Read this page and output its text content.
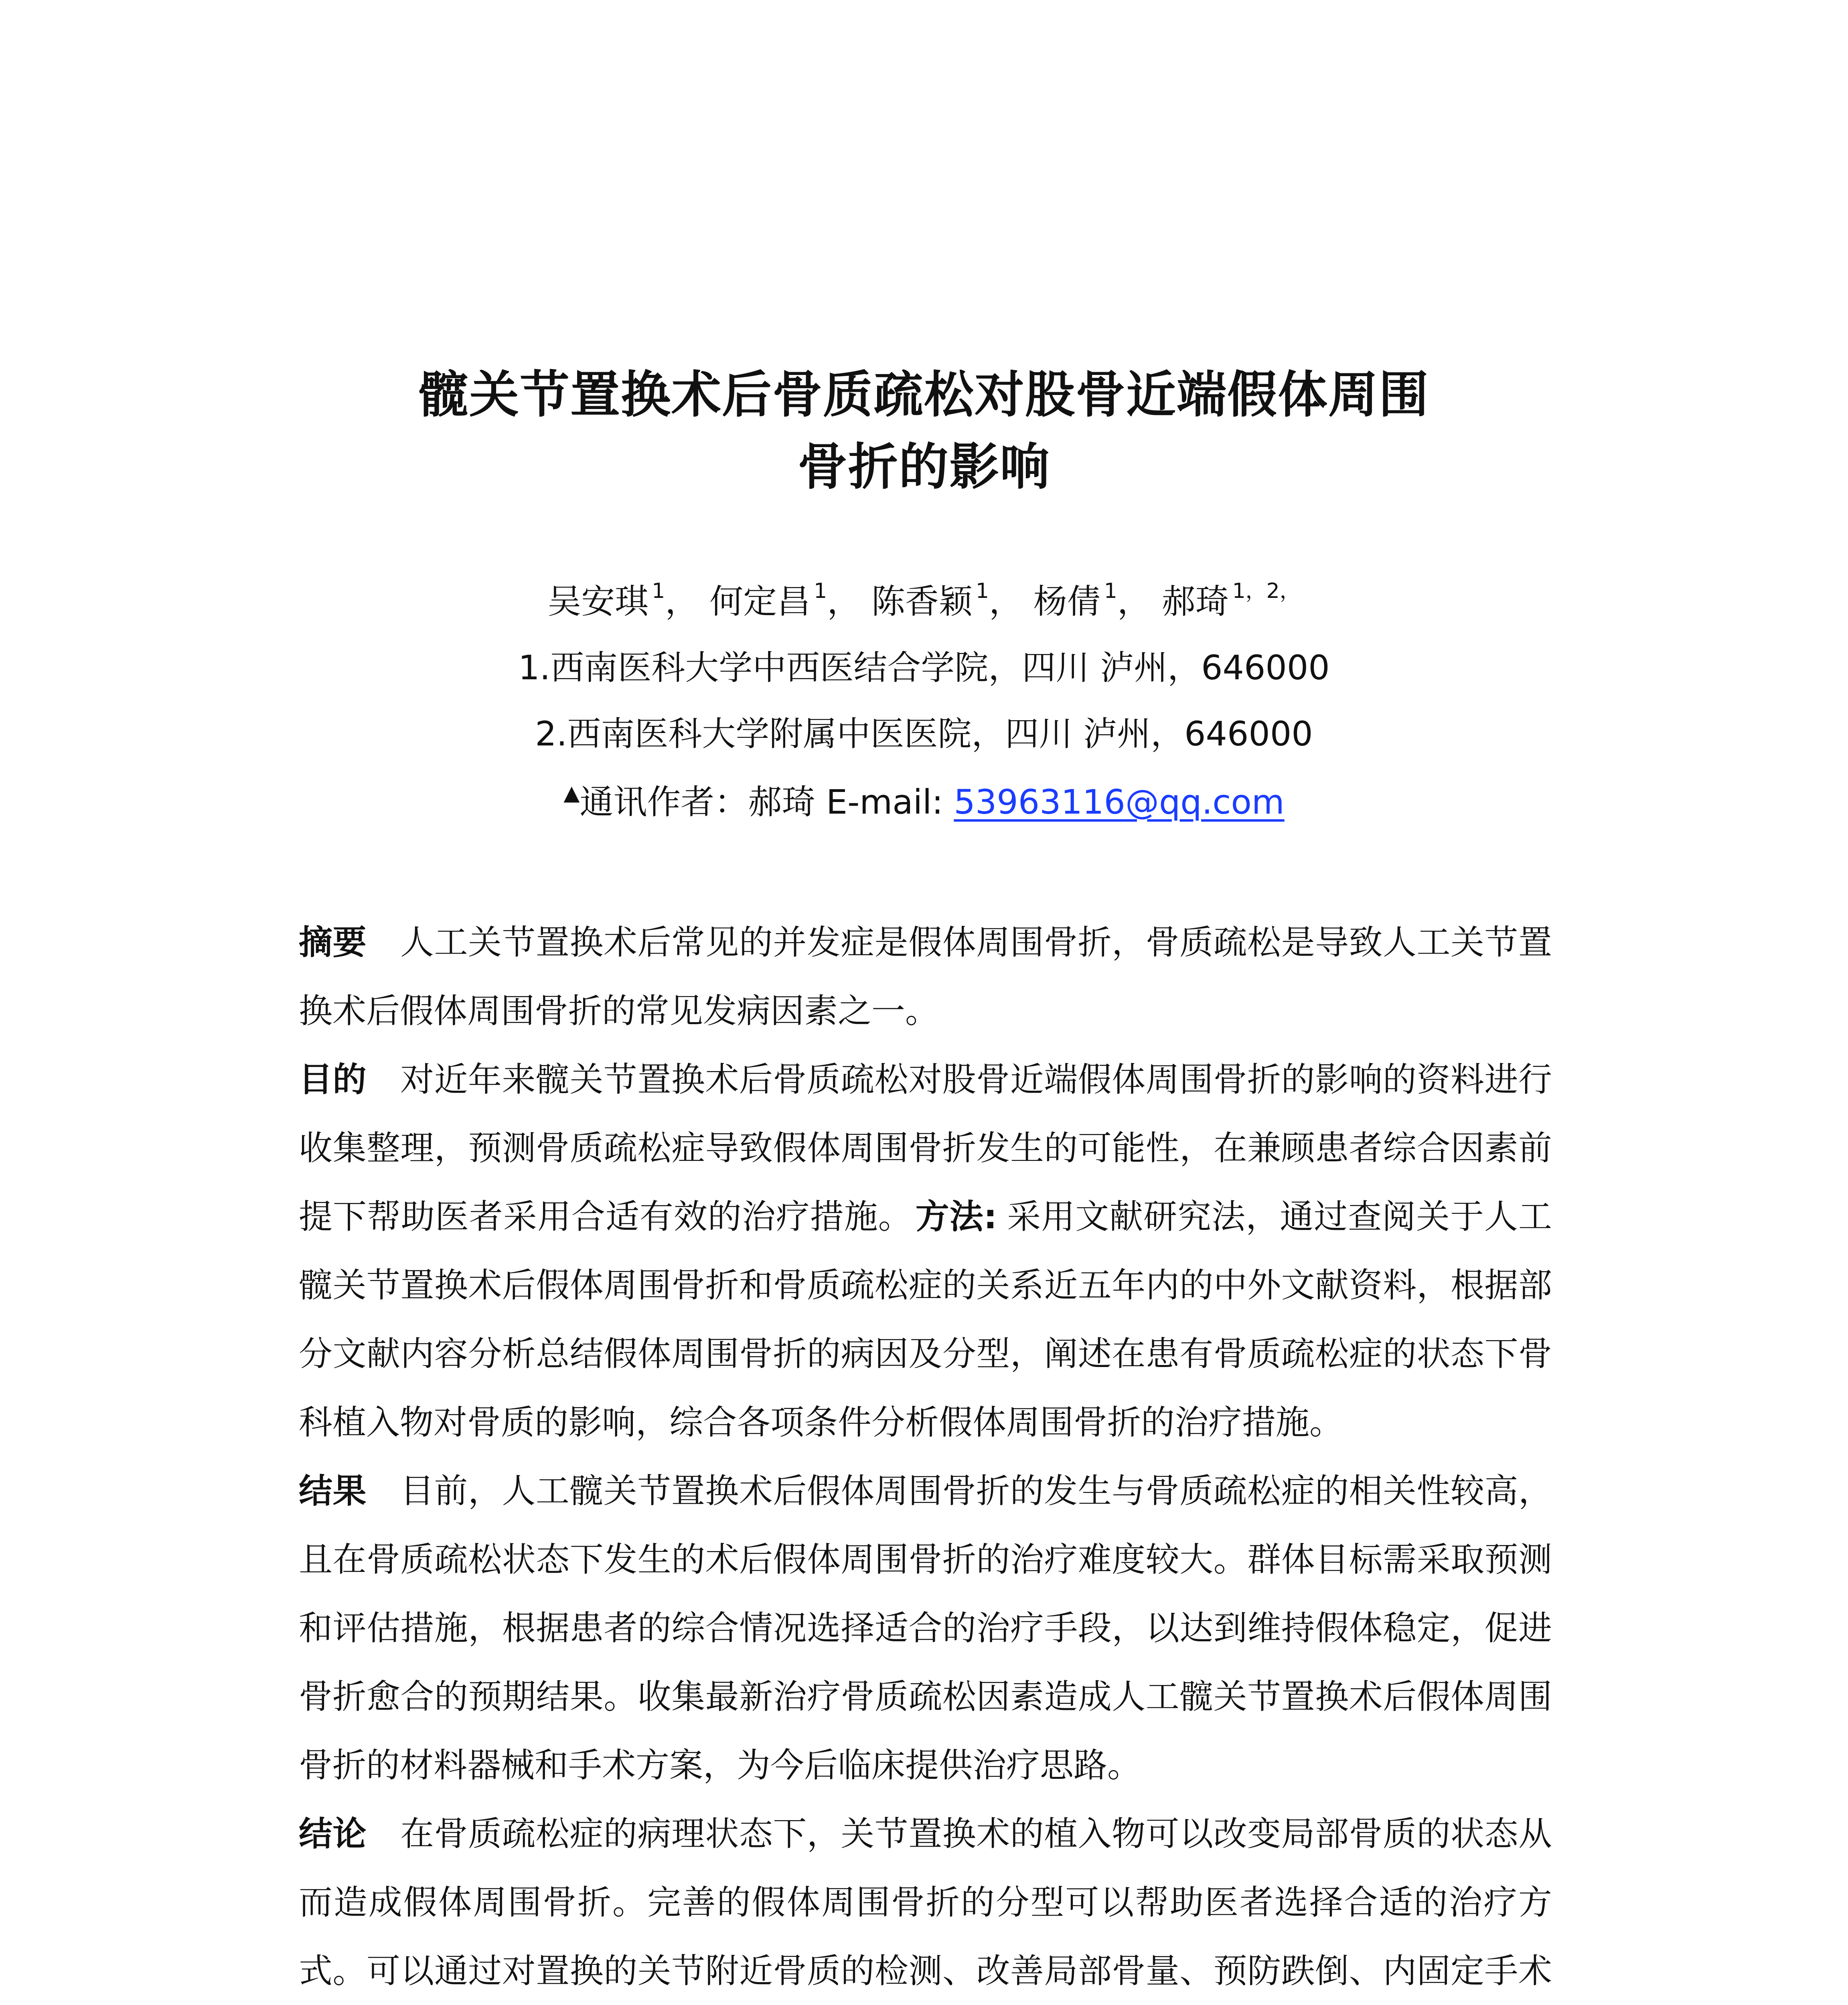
髋关节置换术后骨质疏松对股骨近端假体周围
骨折的影响
吴安琪 $^1$， 何定昌 $^1$， 陈香颖 $^1$， 杨倩 $^1$， 郝琦 $^{1,2,}$
1.西南医科大学中西医结合学院，四川 泸州，646000
2.西南医科大学附属中医医院，四川 泸州，646000
▲通讯作者：郝琦 E-mail: 53963116@qq.com

摘要 人工关节置换术后常见的并发症是假体周围骨折，骨质疏松是导致人工关节置换术后假体周围骨折的常见发病因素之一。

目的 对近年来髋关节置换术后骨质疏松对股骨近端假体周围骨折的影响的资料进行收集整理，预测骨质疏松症导致假体周围骨折发生的可能性，在兼顾患者综合因素前提下帮助医者采用合适有效的治疗措施。方法: 采用文献研究法，通过查阅关于人工髋关节置换术后假体周围骨折和骨质疏松症的关系近五年内的中外文献资料，根据部分文献内容分析总结假体周围骨折的病因及分型，阐述在患有骨质疏松症的状态下骨科植入物对骨质的影响，综合各项条件分析假体周围骨折的治疗措施。

结果 目前，人工髋关节置换术后假体周围骨折的发生与骨质疏松症的相关性较高，且在骨质疏松状态下发生的术后假体周围骨折的治疗难度较大。群体目标需采取预测和评估措施，根据患者的综合情况选择适合的治疗手段，以达到维持假体稳定，促进骨折愈合的预期结果。收集最新治疗骨质疏松因素造成人工髋关节置换术后假体周围骨折的材料器械和手术方案，为今后临床提供治疗思路。

结论 在骨质疏松症的病理状态下，关节置换术的植入物可以改变局部骨质的状态从而造成假体周围骨折。完善的假体周围骨折的分型可以帮助医者选择合适的治疗方式。可以通过对置换的关节附近骨质的检测、改善局部骨量、预防跌倒、内固定手术
